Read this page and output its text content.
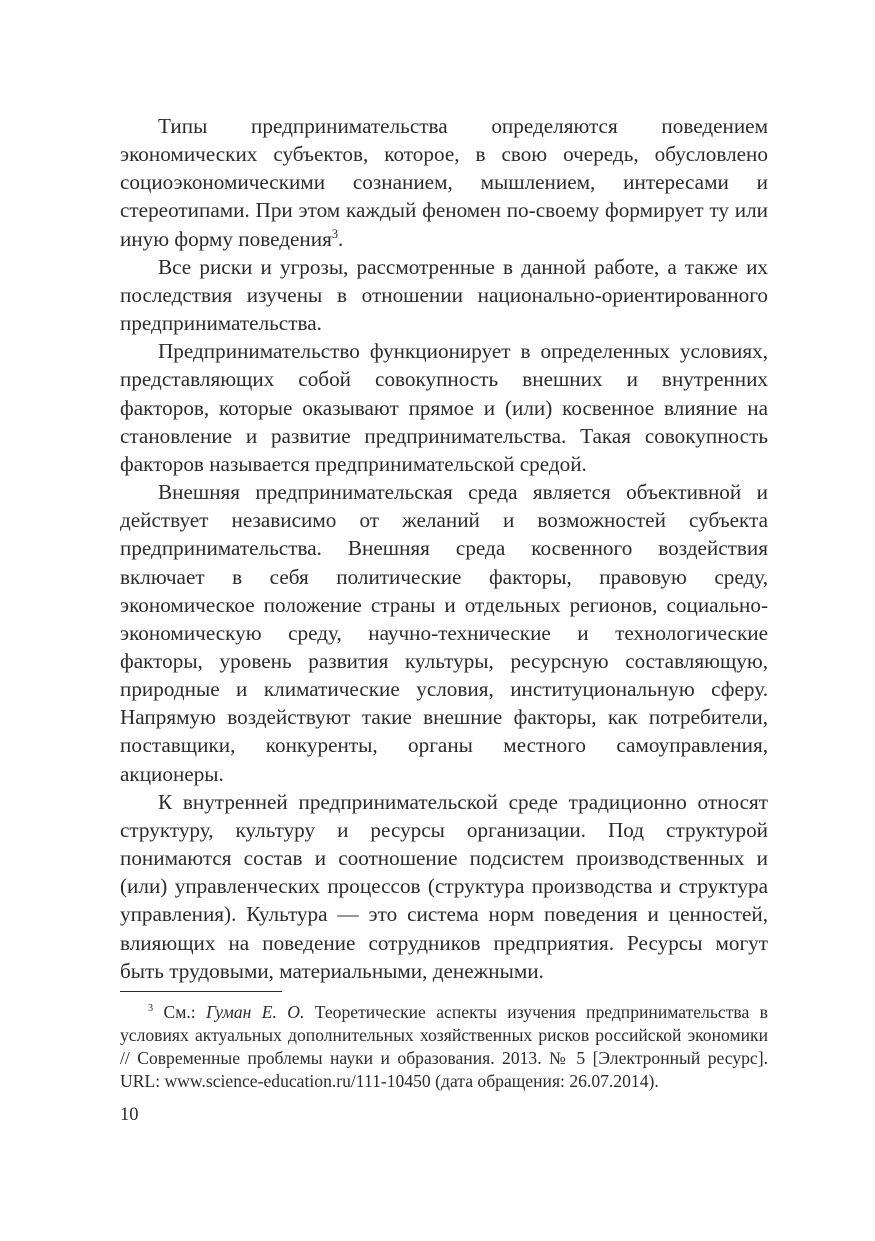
Типы предпринимательства определяются поведением экономических субъектов, которое, в свою очередь, обусловлено социоэкономическими сознанием, мышлением, интересами и стереотипами. При этом каждый феномен по-своему формирует ту или иную форму поведения$^3$.

Все риски и угрозы, рассмотренные в данной работе, а также их последствия изучены в отношении национально-ориентированного предпринимательства.

Предпринимательство функционирует в определенных условиях, представляющих собой совокупность внешних и внутренних факторов, которые оказывают прямое и (или) косвенное влияние на становление и развитие предпринимательства. Такая совокупность факторов называется предпринимательской средой.

Внешняя предпринимательская среда является объективной и действует независимо от желаний и возможностей субъекта предпринимательства. Внешняя среда косвенного воздействия включает в себя политические факторы, правовую среду, экономическое положение страны и отдельных регионов, социально-экономическую среду, научно-технические и технологические факторы, уровень развития культуры, ресурсную составляющую, природные и климатические условия, институциональную сферу. Напрямую воздействуют такие внешние факторы, как потребители, поставщики, конкуренты, органы местного самоуправления, акционеры.

К внутренней предпринимательской среде традиционно относят структуру, культуру и ресурсы организации. Под структурой понимаются состав и соотношение подсистем производственных и (или) управленческих процессов (структура производства и структура управления). Культура — это система норм поведения и ценностей, влияющих на поведение сотрудников предприятия. Ресурсы могут быть трудовыми, материальными, денежными.

$^3$ См.: Гуман Е. О. Теоретические аспекты изучения предпринимательства в условиях актуальных дополнительных хозяйственных рисков российской экономики // Современные проблемы науки и образования. 2013. № 5 [Электронный ресурс]. URL: www.science-education.ru/111-10450 (дата обращения: 26.07.2014).

10
